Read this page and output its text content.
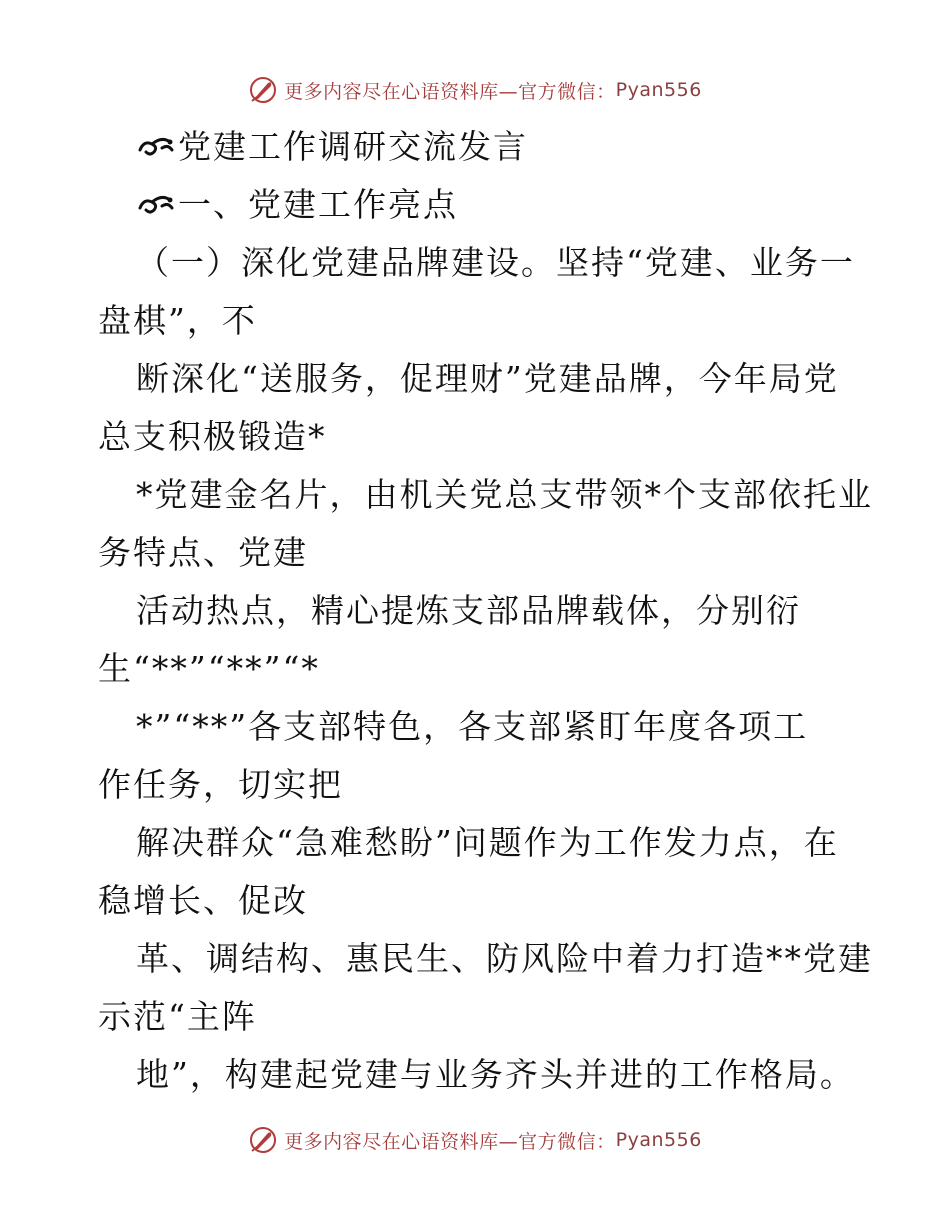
更多内容尽在心语资料库—官方微信： Pyan556
党建工作调研交流发言
一、党建工作亮点
（一）深化党建品牌建设。坚持“党建、业务一
盘棋”，不
断深化“送服务，促理财”党建品牌，今年局党
总支积极锻造*
*党建金名片，由机关党总支带领*个支部依托业
务特点、党建
活动热点，精心提炼支部品牌载体，分别衍
生“**”“**”“*
*”“**”各支部特色，各支部紧盯年度各项工
作任务，切实把
解决群众“急难愁盼”问题作为工作发力点，在
稳增长、促改
革、调结构、惠民生、防风险中着力打造**党建
示范“主阵
地”，构建起党建与业务齐头并进的工作格局。
更多内容尽在心语资料库—官方微信： Pyan556
